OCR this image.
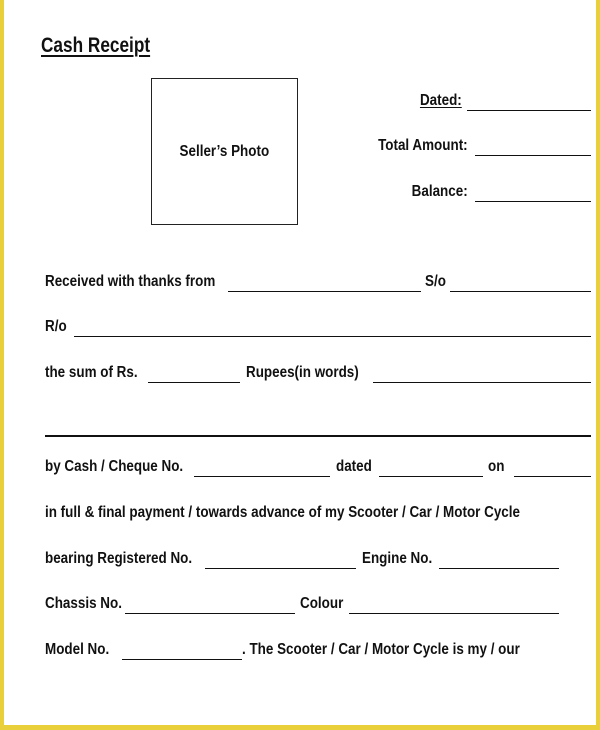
Cash Receipt
Seller’s Photo
Dated:
Total Amount:
Balance:
Received with thanks from	S/o
R/o
the sum of Rs.	Rupees(in words)
by Cash / Cheque No.	dated	on
in full & final payment / towards advance of my Scooter / Car / Motor Cycle
bearing Registered No.	Engine No.
Chassis No.	Colour
Model No.	. The Scooter / Car / Motor Cycle is my / our
